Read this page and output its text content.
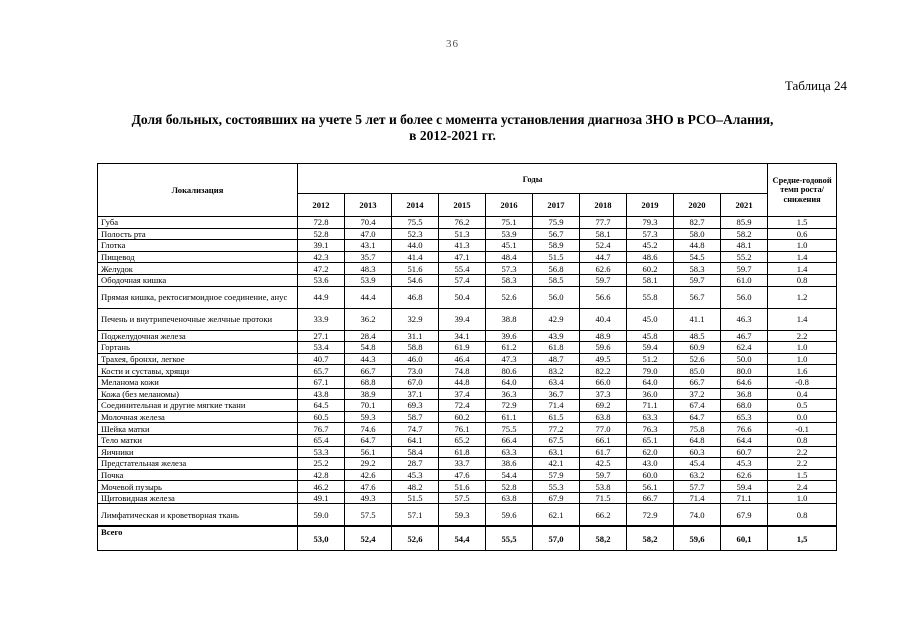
36
Таблица 24
Доля больных, состоявших на учете 5 лет и более с момента установления диагноза ЗНО в РСО–Алания,
в 2012-2021 гг.
Локализация	Годы										Средне-годовой темп роста/ снижения
	2012	2013	2014	2015	2016	2017	2018	2019	2020	2021	
Губа	72.8	70.4	75.5	76.2	75.1	75.9	77.7	79.3	82.7	85.9	1.5
Полость рта	52.8	47.0	52.3	51.3	53.9	56.7	58.1	57.3	58.0	58.2	0.6
Глотка	39.1	43.1	44.0	41.3	45.1	58.9	52.4	45.2	44.8	48.1	1.0
Пищевод	42.3	35.7	41.4	47.1	48.4	51.5	44.7	48.6	54.5	55.2	1.4
Желудок	47.2	48.3	51.6	55.4	57.3	56.8	62.6	60.2	58.3	59.7	1.4
Ободочная кишка	53.6	53.9	54.6	57.4	58.3	58.5	59.7	58.1	59.7	61.0	0.8
Прямая кишка, ректосигмоидное соединение, анус	44.9	44.4	46.8	50.4	52.6	56.0	56.6	55.8	56.7	56.0	1.2
Печень и внутрипеченочные желчные протоки	33.9	36.2	32.9	39.4	38.8	42.9	40.4	45.0	41.1	46.3	1.4
Поджелудочная железа	27.1	28.4	31.1	34.1	39.6	43.9	48.9	45.8	48.5	46.7	2.2
Гортань	53.4	54.8	58.8	61.9	61.2	61.8	59.6	59.4	60.9	62.4	1.0
Трахея, бронхи, легкое	40.7	44.3	46.0	46.4	47.3	48.7	49.5	51.2	52.6	50.0	1.0
Кости и суставы, хрящи	65.7	66.7	73.0	74.8	80.6	83.2	82.2	79.0	85.0	80.0	1.6
Меланома кожи	67.1	68.8	67.0	44.8	64.0	63.4	66.0	64.0	66.7	64.6	-0.8
Кожа (без меланомы)	43.8	38.9	37.1	37.4	36.3	36.7	37.3	36.0	37.2	36.8	0.4
Соединительная и другие мягкие ткани	64.5	70.1	69.3	72.4	72.9	71.4	69.2	71.1	67.4	68.0	0.5
Молочная железа	60.5	59.3	58.7	60.2	61.1	61.5	63.8	63.3	64.7	65.3	0.0
Шейка матки	76.7	74.6	74.7	76.1	75.5	77.2	77.0	76.3	75.8	76.6	-0.1
Тело матки	65.4	64.7	64.1	65.2	66.4	67.5	66.1	65.1	64.8	64.4	0.8
Яичники	53.3	56.1	58.4	61.8	63.3	63.1	61.7	62.0	60.3	60.7	2.2
Предстательная железа	25.2	29.2	28.7	33.7	38.6	42.1	42.5	43.0	45.4	45.3	2.2
Почка	42.8	42.6	45.3	47.6	54.4	57.9	59.7	60.0	63.2	62.6	1.5
Мочевой пузырь	46.2	47.6	48.2	51.6	52.8	55.3	53.8	56.1	57.7	59.4	2.4
Щитовидная железа	49.1	49.3	51.5	57.5	63.8	67.9	71.5	66.7	71.4	71.1	1.0
Лимфатическая и кроветворная ткань	59.0	57.5	57.1	59.3	59.6	62.1	66.2	72.9	74.0	67.9	0.8
Всего	53,0	52,4	52,6	54,4	55,5	57,0	58,2	58,2	59,6	60,1	1,5
